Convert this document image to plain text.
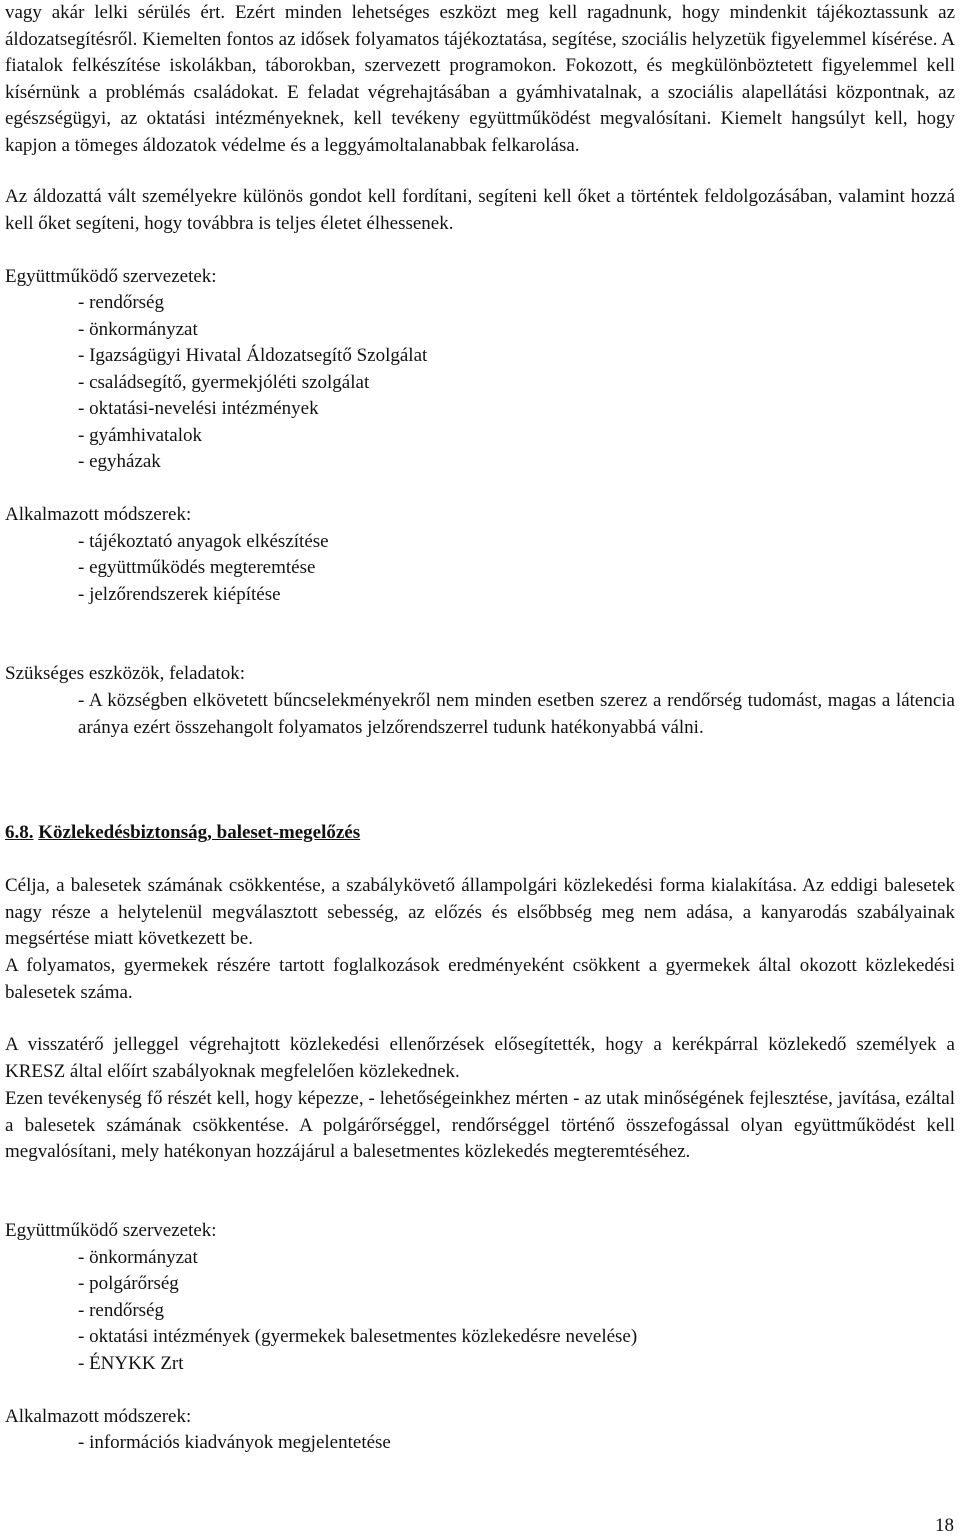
vagy akár lelki sérülés ért. Ezért minden lehetséges eszközt meg kell ragadnunk, hogy mindenkit tájékoztassunk az áldozatsegítésről. Kiemelten fontos az idősek folyamatos tájékoztatása, segítése, szociális helyzetük figyelemmel kísérése. A fiatalok felkészítése iskolákban, táborokban, szervezett programokon. Fokozott, és megkülönböztetett figyelemmel kell kísérnünk a problémás családokat. E feladat végrehajtásában a gyámhivatalnak, a szociális alapellátási központnak, az egészségügyi, az oktatási intézményeknek, kell tevékeny együttműködést megvalósítani. Kiemelt hangsúlyt kell, hogy kapjon a tömeges áldozatok védelme és a leggyámoltalanabbak felkarolása.

Az áldozattá vált személyekre különös gondot kell fordítani, segíteni kell őket a történtek feldolgozásában, valamint hozzá kell őket segíteni, hogy továbbra is teljes életet élhessenek.

Együttműködő szervezetek:

- rendőrség

- önkormányzat

- Igazságügyi Hivatal Áldozatsegítő Szolgálat

- családsegítő, gyermekjóléti szolgálat

- oktatási-nevelési intézmények

- gyámhivatalok

- egyházak

Alkalmazott módszerek:

- tájékoztató anyagok elkészítése

- együttműködés megteremtése

- jelzőrendszerek kiépítése

Szükséges eszközök, feladatok:

- A községben elkövetett bűncselekményekről nem minden esetben szerez a rendőrség tudomást, magas a látencia aránya ezért összehangolt folyamatos jelzőrendszerrel tudunk hatékonyabbá válni.

6.8. Közlekedésbiztonság, baleset-megelőzés

Célja, a balesetek számának csökkentése, a szabálykövető állampolgári közlekedési forma kialakítása. Az eddigi balesetek nagy része a helytelenül megválasztott sebesség, az előzés és elsőbbség meg nem adása, a kanyarodás szabályainak megsértése miatt következett be.

A folyamatos, gyermekek részére tartott foglalkozások eredményeként csökkent a gyermekek által okozott közlekedési balesetek száma.

A visszatérő jelleggel végrehajtott közlekedési ellenőrzések elősegítették, hogy a kerékpárral közlekedő személyek a KRESZ által előírt szabályoknak megfelelően közlekednek.

Ezen tevékenység fő részét kell, hogy képezze, - lehetőségeinkhez mérten - az utak minőségének fejlesztése, javítása, ezáltal a balesetek számának csökkentése. A polgárőrséggel, rendőrséggel történő összefogással olyan együttműködést kell megvalósítani, mely hatékonyan hozzájárul a balesetmentes közlekedés megteremtéséhez.

Együttműködő szervezetek:

- önkormányzat

- polgárőrség

- rendőrség

- oktatási intézmények (gyermekek balesetmentes közlekedésre nevelése)

- ÉNYKK Zrt

Alkalmazott módszerek:

- információs kiadványok megjelentetése

18
